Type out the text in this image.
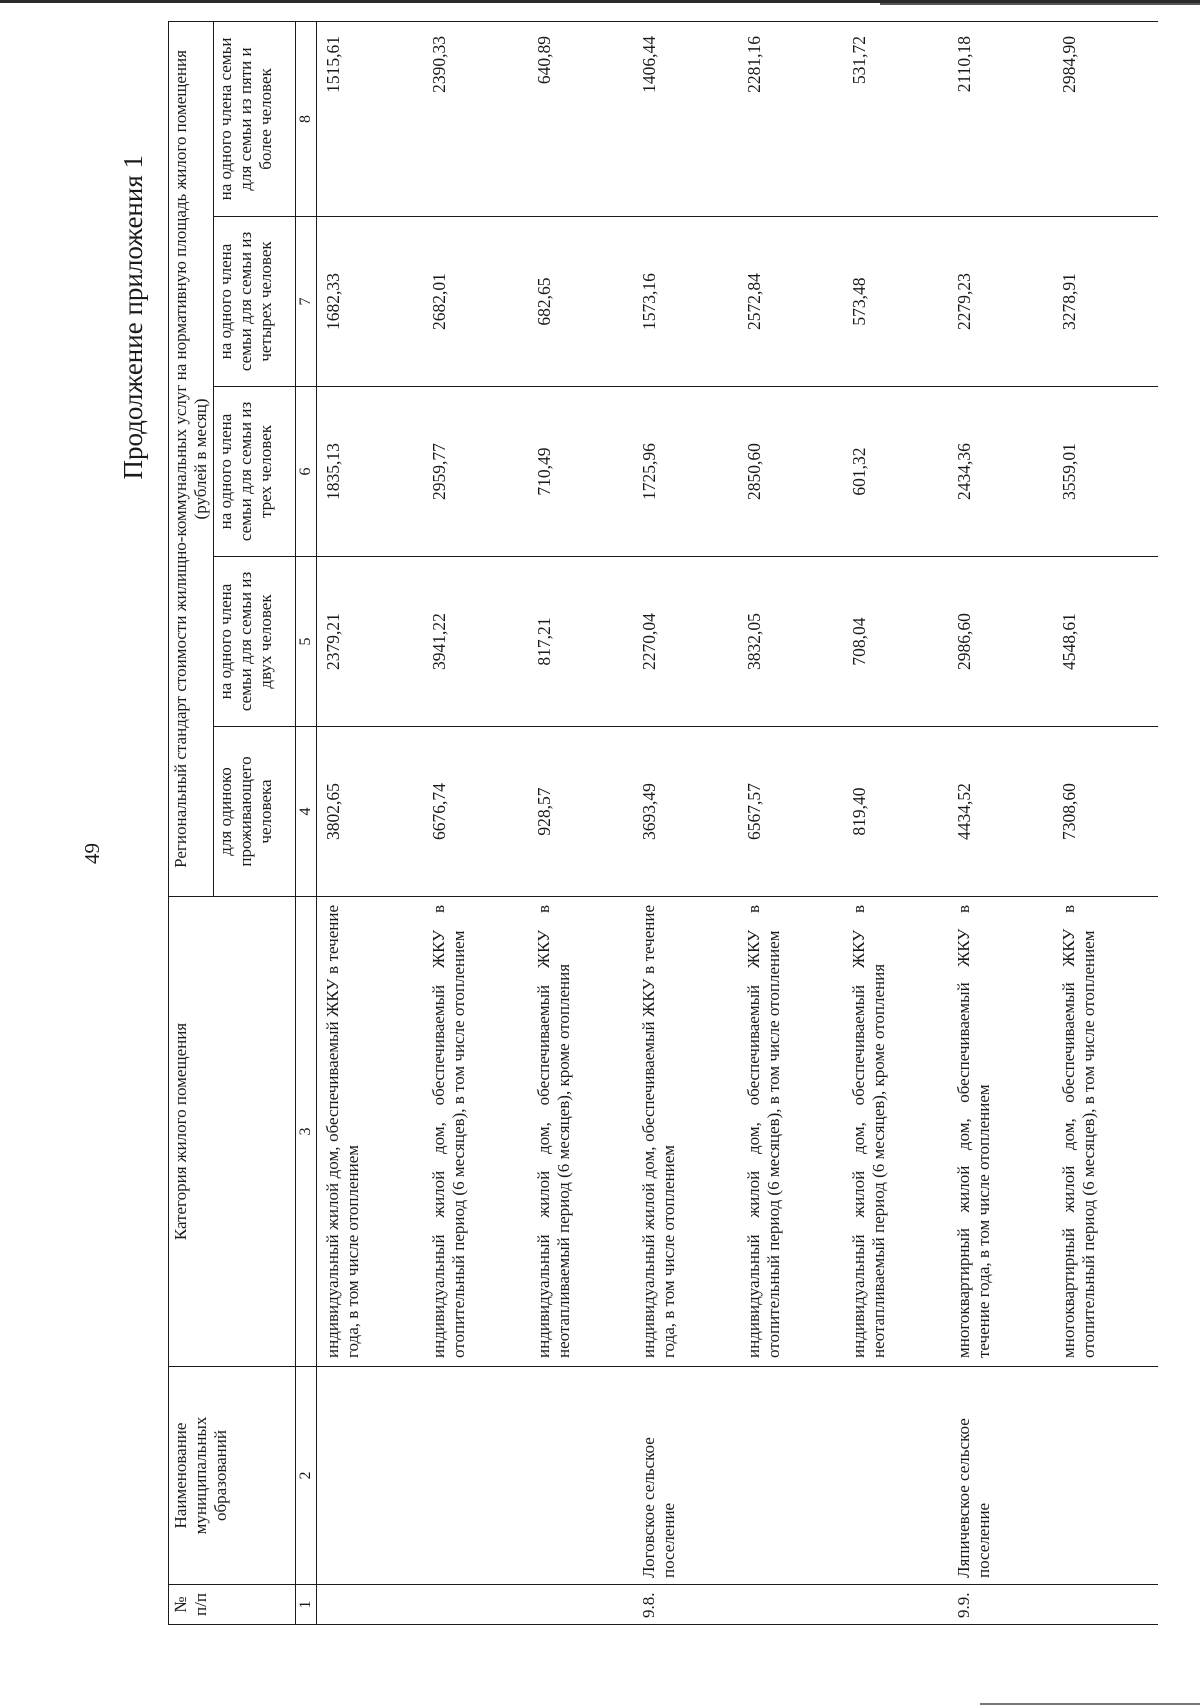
49
Продолжение приложения 1
№ п/п	Наименование муниципальных образований	Категория жилого помещения	Региональный стандарт стоимости жилищно-коммунальных услуг на нормативную площадь жилого помещения (рублей в месяц)				
			для одиноко проживающего человека	на одного члена семьи для семьи из двух человек	на одного члена семьи для семьи из трех человек	на одного члена семьи для семьи из четырех человек	на одного члена семьи для семьи из пяти и более человек
1	2	3	4	5	6	7	8
		индивидуальный жилой дом, обеспечиваемый ЖКУ в течение года, в том числе отоплением	3802,65	2379,21	1835,13	1682,33	1515,61
		индивидуальный жилой дом, обеспечиваемый ЖКУ в отопительный период (6 месяцев), в том числе отоплением	6676,74	3941,22	2959,77	2682,01	2390,33
		индивидуальный жилой дом, обеспечиваемый ЖКУ в неотапливаемый период (6 месяцев), кроме отопления	928,57	817,21	710,49	682,65	640,89
9.8.	Логовское сельское поселение	индивидуальный жилой дом, обеспечиваемый ЖКУ в течение года, в том числе отоплением	3693,49	2270,04	1725,96	1573,16	1406,44
		индивидуальный жилой дом, обеспечиваемый ЖКУ в отопительный период (6 месяцев), в том числе отоплением	6567,57	3832,05	2850,60	2572,84	2281,16
		индивидуальный жилой дом, обеспечиваемый ЖКУ в неотапливаемый период (6 месяцев), кроме отопления	819,40	708,04	601,32	573,48	531,72
9.9.	Ляпичевское сельское поселение	многоквартирный жилой дом, обеспечиваемый ЖКУ в течение года, в том числе отоплением	4434,52	2986,60	2434,36	2279,23	2110,18
		многоквартирный жилой дом, обеспечиваемый ЖКУ в отопительный период (6 месяцев), в том числе отоплением	7308,60	4548,61	3559,01	3278,91	2984,90
